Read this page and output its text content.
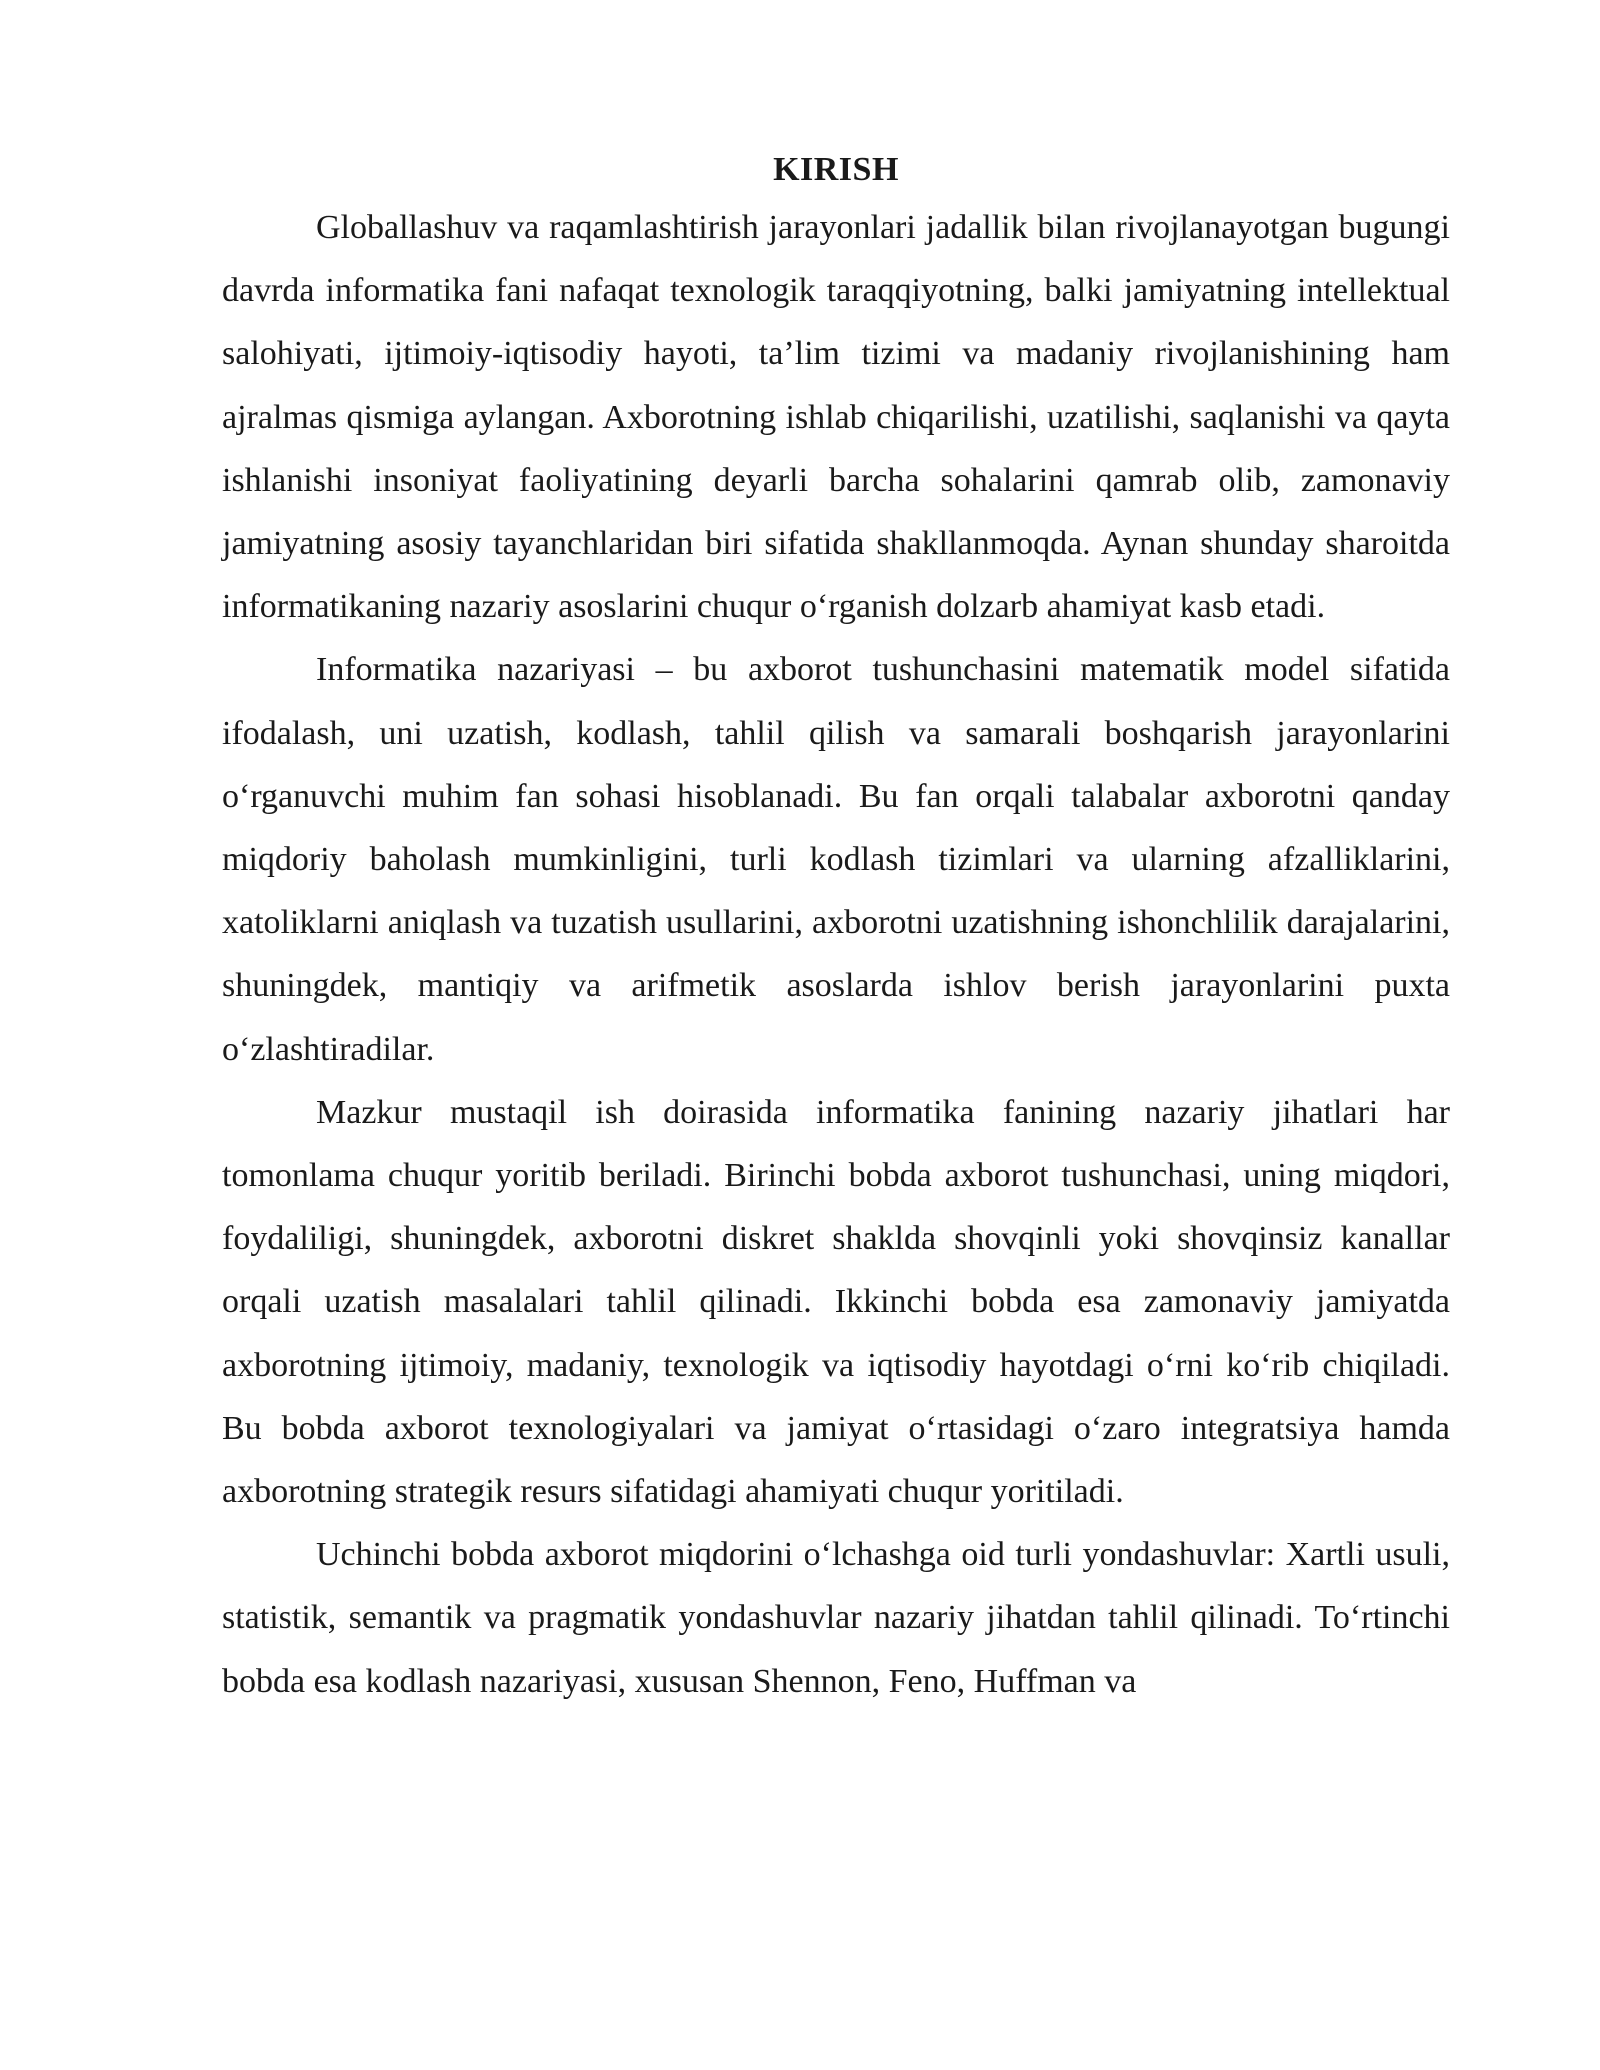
KIRISH

Globallashuv va raqamlashtirish jarayonlari jadallik bilan rivojlanayotgan bugungi davrda informatika fani nafaqat texnologik taraqqiyotning, balki jamiyatning intellektual salohiyati, ijtimoiy-iqtisodiy hayoti, ta’lim tizimi va madaniy rivojlanishining ham ajralmas qismiga aylangan. Axborotning ishlab chiqarilishi, uzatilishi, saqlanishi va qayta ishlanishi insoniyat faoliyatining deyarli barcha sohalarini qamrab olib, zamonaviy jamiyatning asosiy tayanchlaridan biri sifatida shakllanmoqda. Aynan shunday sharoitda informatikaning nazariy asoslarini chuqur o‘rganish dolzarb ahamiyat kasb etadi.

Informatika nazariyasi – bu axborot tushunchasini matematik model sifatida ifodalash, uni uzatish, kodlash, tahlil qilish va samarali boshqarish jarayonlarini o‘rganuvchi muhim fan sohasi hisoblanadi. Bu fan orqali talabalar axborotni qanday miqdoriy baholash mumkinligini, turli kodlash tizimlari va ularning afzalliklarini, xatoliklarni aniqlash va tuzatish usullarini, axborotni uzatishning ishonchlilik darajalarini, shuningdek, mantiqiy va arifmetik asoslarda ishlov berish jarayonlarini puxta o‘zlashtiradilar.

Mazkur mustaqil ish doirasida informatika fanining nazariy jihatlari har tomonlama chuqur yoritib beriladi. Birinchi bobda axborot tushunchasi, uning miqdori, foydaliligi, shuningdek, axborotni diskret shaklda shovqinli yoki shovqinsiz kanallar orqali uzatish masalalari tahlil qilinadi. Ikkinchi bobda esa zamonaviy jamiyatda axborotning ijtimoiy, madaniy, texnologik va iqtisodiy hayotdagi o‘rni ko‘rib chiqiladi. Bu bobda axborot texnologiyalari va jamiyat o‘rtasidagi o‘zaro integratsiya hamda axborotning strategik resurs sifatidagi ahamiyati chuqur yoritiladi.

Uchinchi bobda axborot miqdorini o‘lchashga oid turli yondashuvlar: Xartli usuli, statistik, semantik va pragmatik yondashuvlar nazariy jihatdan tahlil qilinadi. To‘rtinchi bobda esa kodlash nazariyasi, xususan Shennon, Feno, Huffman va
